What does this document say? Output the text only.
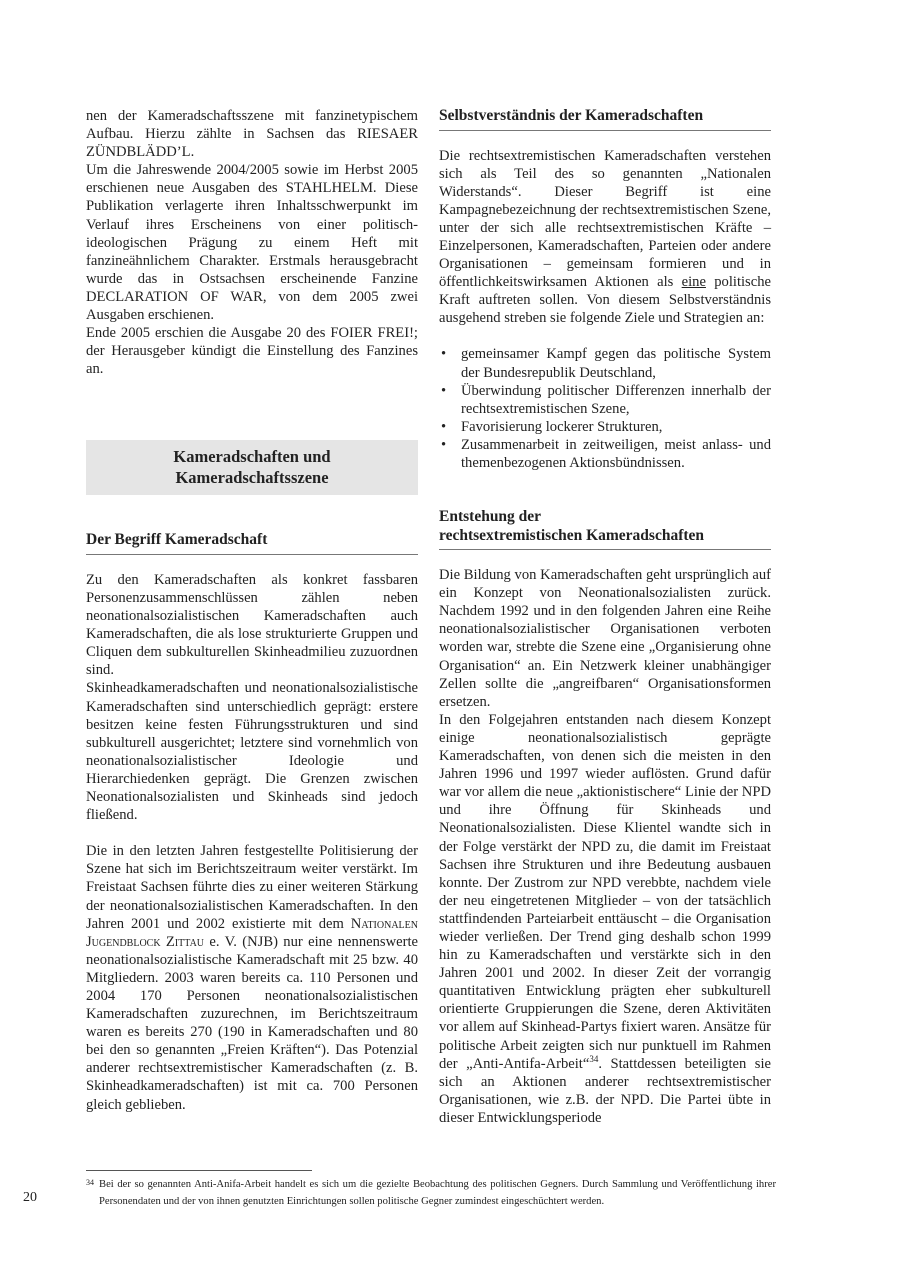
nen der Kameradschaftsszene mit fanzinetypischem Aufbau. Hierzu zählte in Sachsen das RIESAER ZÜNDBLÄDD’L.

Um die Jahreswende 2004/2005 sowie im Herbst 2005 erschienen neue Ausgaben des STAHLHELM. Diese Publikation verlagerte ihren Inhaltsschwerpunkt im Verlauf ihres Erscheinens von einer politisch-ideologischen Prägung zu einem Heft mit fanzineähnlichem Charakter. Erstmals herausgebracht wurde das in Ostsachsen erscheinende Fanzine DECLARATION OF WAR, von dem 2005 zwei Ausgaben erschienen.

Ende 2005 erschien die Ausgabe 20 des FOIER FREI!; der Herausgeber kündigt die Einstellung des Fanzines an.

Kameradschaften und
Kameradschaftsszene
Der Begriff Kameradschaft

Zu den Kameradschaften als konkret fassbaren Personenzusammenschlüssen zählen neben neonationalsozialistischen Kameradschaften auch Kameradschaften, die als lose strukturierte Gruppen und Cliquen dem subkulturellen Skinheadmilieu zuzuordnen sind.

Skinheadkameradschaften und neonationalsozialistische Kameradschaften sind unterschiedlich geprägt: erstere besitzen keine festen Führungsstrukturen und sind subkulturell ausgerichtet; letztere sind vornehmlich von neonationalsozialistischer Ideologie und Hierarchiedenken geprägt. Die Grenzen zwischen Neonationalsozialisten und Skinheads sind jedoch fließend.

Die in den letzten Jahren festgestellte Politisierung der Szene hat sich im Berichtszeitraum weiter verstärkt. Im Freistaat Sachsen führte dies zu einer weiteren Stärkung der neonationalsozialistischen Kameradschaften. In den Jahren 2001 und 2002 existierte mit dem Nationalen Jugendblock Zittau e. V. (NJB) nur eine nennenswerte neonationalsozialistische Kameradschaft mit 25 bzw. 40 Mitgliedern. 2003 waren bereits ca. 110 Personen und 2004 170 Personen neonationalsozialistischen Kameradschaften zuzurechnen, im Berichtszeitraum waren es bereits 270 (190 in Kameradschaften und 80 bei den so genannten „Freien Kräften“). Das Potenzial anderer rechtsextremistischer Kameradschaften (z. B. Skinheadkameradschaften) ist mit ca. 700 Personen gleich geblieben.

Selbstverständnis der Kameradschaften

Die rechtsextremistischen Kameradschaften verstehen sich als Teil des so genannten „Nationalen Widerstands“. Dieser Begriff ist eine Kampagnebezeichnung der rechtsextremistischen Szene, unter der sich alle rechtsextremistischen Kräfte – Einzelpersonen, Kameradschaften, Parteien oder andere Organisationen – gemeinsam formieren und in öffentlichkeitswirksamen Aktionen als eine politische Kraft auftreten sollen. Von diesem Selbstverständnis ausgehend streben sie folgende Ziele und Strategien an:

• gemeinsamer Kampf gegen das politische System der Bundesrepublik Deutschland,
• Überwindung politischer Differenzen innerhalb der rechtsextremistischen Szene,
• Favorisierung lockerer Strukturen,
• Zusammenarbeit in zeitweiligen, meist anlass- und themenbezogenen Aktionsbündnissen.
Entstehung der
rechtsextremistischen Kameradschaften

Die Bildung von Kameradschaften geht ursprünglich auf ein Konzept von Neonationalsozialisten zurück. Nachdem 1992 und in den folgenden Jahren eine Reihe neonationalsozialistischer Organisationen verboten worden war, strebte die Szene eine „Organisierung ohne Organisation“ an. Ein Netzwerk kleiner unabhängiger Zellen sollte die „angreifbaren“ Organisationsformen ersetzen.

In den Folgejahren entstanden nach diesem Konzept einige neonationalsozialistisch geprägte Kameradschaften, von denen sich die meisten in den Jahren 1996 und 1997 wieder auflösten. Grund dafür war vor allem die neue „aktionistischere“ Linie der NPD und ihre Öffnung für Skinheads und Neonationalsozialisten. Diese Klientel wandte sich in der Folge verstärkt der NPD zu, die damit im Freistaat Sachsen ihre Strukturen und ihre Bedeutung ausbauen konnte. Der Zustrom zur NPD verebbte, nachdem viele der neu eingetretenen Mitglieder – von der tatsächlich stattfindenden Parteiarbeit enttäuscht – die Organisation wieder verließen. Der Trend ging deshalb schon 1999 hin zu Kameradschaften und verstärkte sich in den Jahren 2001 und 2002. In dieser Zeit der vorrangig quantitativen Entwicklung prägten eher subkulturell orientierte Gruppierungen die Szene, deren Aktivitäten vor allem auf Skinhead-Partys fixiert waren. Ansätze für politische Arbeit zeigten sich nur punktuell im Rahmen der „Anti-Antifa-Arbeit“$^{34}$. Stattdessen beteiligten sie sich an Aktionen anderer rechtsextremistischer Organisationen, wie z.B. der NPD. Die Partei übte in dieser Entwicklungsperiode

34 Bei der so genannten Anti-Anifa-Arbeit handelt es sich um die gezielte Beobachtung des politischen Gegners. Durch Sammlung und Veröffentlichung ihrer Personendaten und der von ihnen genutzten Einrichtungen sollen politische Gegner zumindest eingeschüchtert werden.
20
